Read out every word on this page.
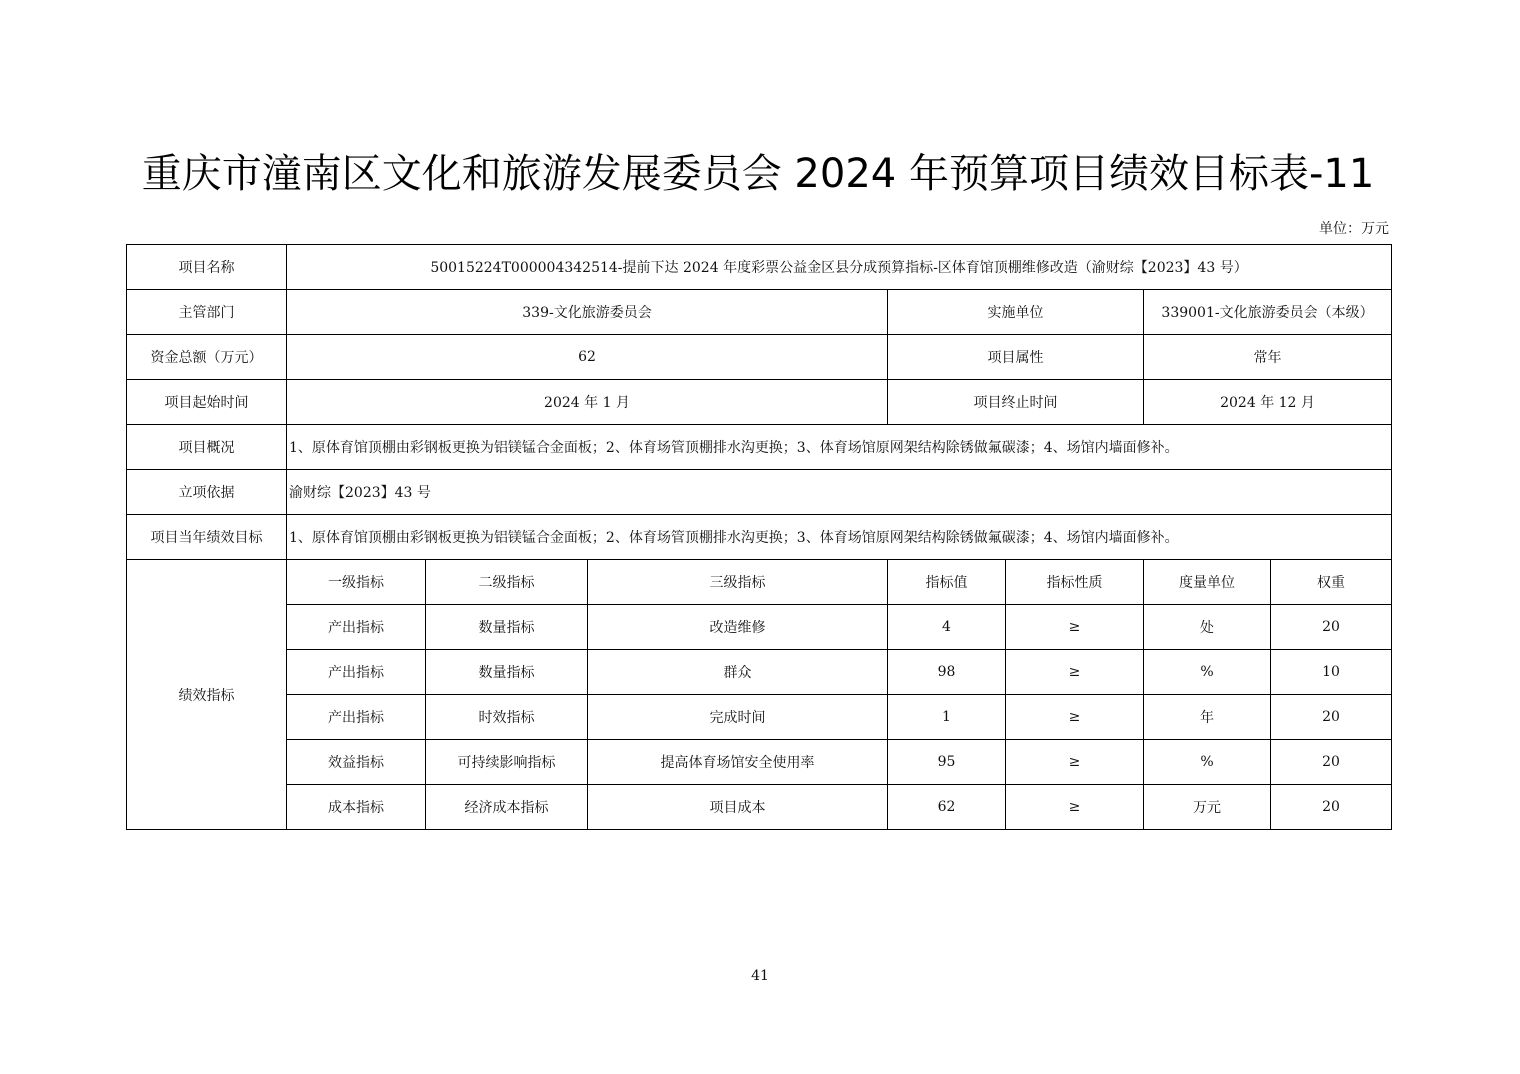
重庆市潼南区文化和旅游发展委员会 2024 年预算项目绩效目标表-11
单位：万元
项目名称	50015224T000004342514-提前下达 2024 年度彩票公益金区县分成预算指标-区体育馆顶棚维修改造（渝财综【2023】43 号）						
主管部门	339-文化旅游委员会			实施单位		339001-文化旅游委员会（本级）	
资金总额（万元）	62			项目属性		常年	
项目起始时间	2024 年 1 月			项目终止时间		2024 年 12 月	
项目概况	1、原体育馆顶棚由彩钢板更换为铝镁锰合金面板；2、体育场管顶棚排水沟更换；3、体育场馆原网架结构除锈做氟碳漆；4、场馆内墙面修补。						
立项依据	渝财综【2023】43 号						
项目当年绩效目标	1、原体育馆顶棚由彩钢板更换为铝镁锰合金面板；2、体育场管顶棚排水沟更换；3、体育场馆原网架结构除锈做氟碳漆；4、场馆内墙面修补。						
绩效指标	一级指标	二级指标	三级指标	指标值	指标性质	度量单位	权重
	产出指标	数量指标	改造维修	4	≥	处	20
	产出指标	数量指标	群众	98	≥	%	10
	产出指标	时效指标	完成时间	1	≥	年	20
	效益指标	可持续影响指标	提高体育场馆安全使用率	95	≥	%	20
	成本指标	经济成本指标	项目成本	62	≥	万元	20
41
